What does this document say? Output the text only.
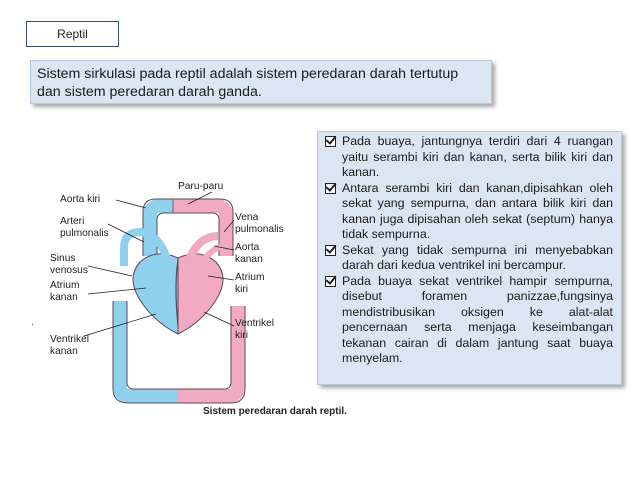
Reptil
Sistem sirkulasi pada reptil adalah sistem peredaran darah tertutup dan sistem peredaran darah ganda.
.
Paru-paru
Aorta kiri
Arteri
pulmonalis
Vena
pulmonalis
Aorta
kanan
Sinus
venosus
Atrium
kanan
Atrium
kiri
Ventrikel
kanan
Ventrikel
kiri
Sistem peredaran darah reptil.
Pada buaya, jantungnya terdiri dari 4 ruangan yaitu serambi kiri dan kanan, serta bilik kiri dan kanan.
Antara serambi kiri dan kanan,dipisahkan oleh sekat yang sempurna, dan antara bilik kiri dan kanan juga dipisahan oleh sekat (septum) hanya tidak sempurna.
Sekat yang tidak sempurna ini menyebabkan darah dari kedua ventrikel ini bercampur.
Pada buaya sekat ventrikel hampir sempurna, disebut foramen panizzae,fungsinya mendistribusikan oksigen ke alat-alat pencernaan serta menjaga keseimbangan tekanan cairan di dalam jantung saat buaya menyelam.
